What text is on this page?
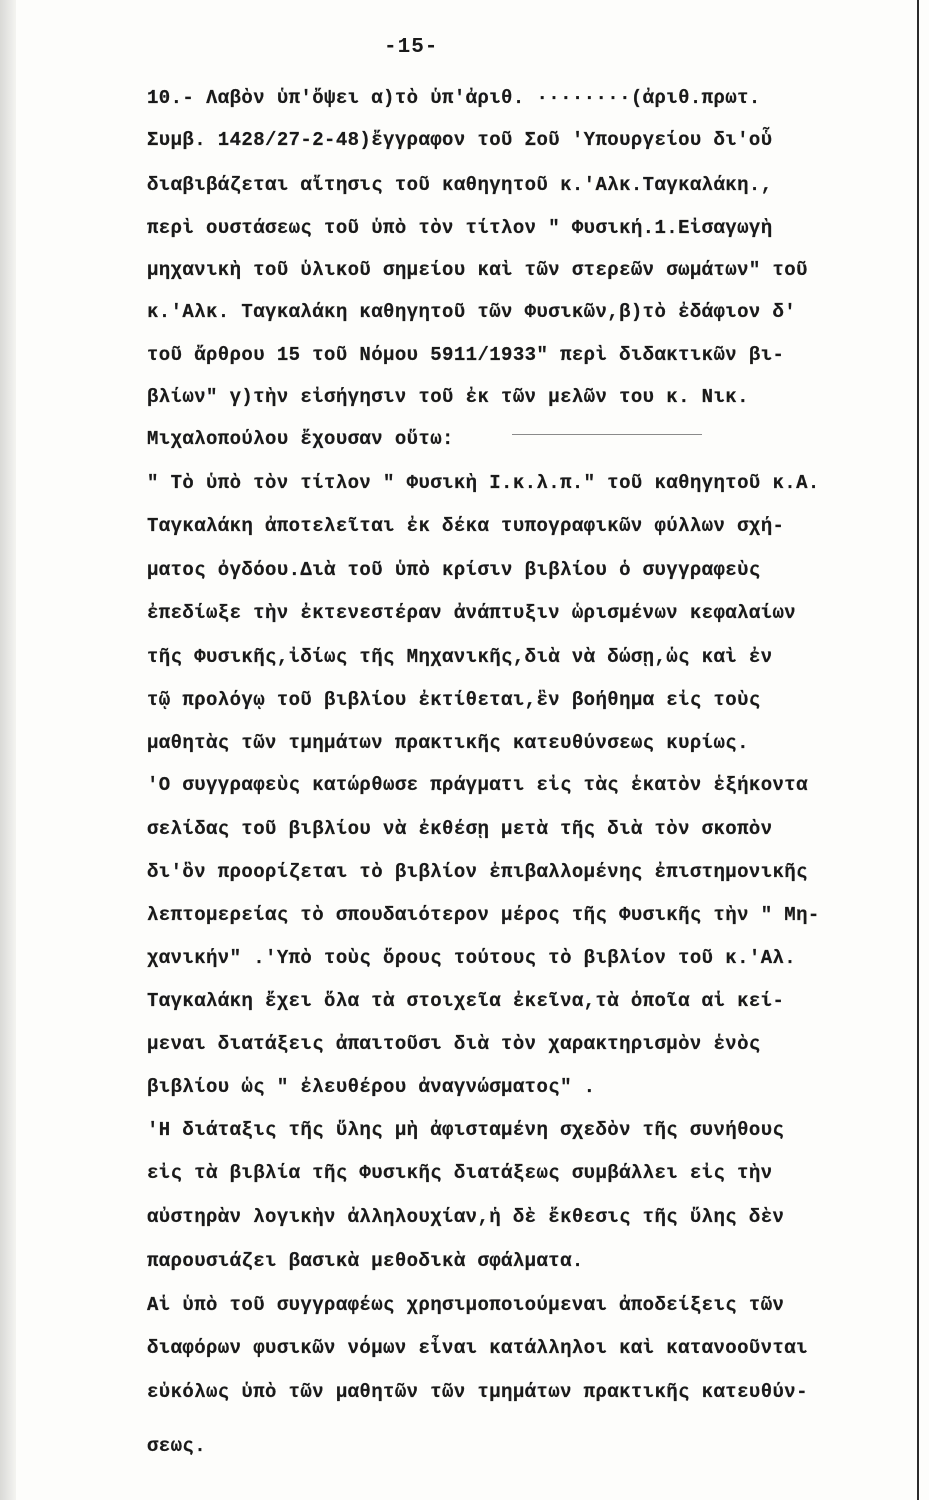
-15-
10.- Λαβὸν ὑπ'ὄψει α)τὸ ὑπ'ἀριθ. ········(ἀριθ.πρωτ.
Συμβ. 1428/27-2-48)ἔγγραφον τοῦ Σοῦ 'Υπουργείου δι'οὗ
διαβιβάζεται αἴτησις τοῦ καθηγητοῦ κ.'Αλκ.Ταγκαλάκη.,
περὶ ουστάσεως τοῦ ὑπὸ τὸν τίτλον " Φυσική.1.Εἰσαγωγὴ
μηχανικὴ τοῦ ὑλικοῦ σημείου καὶ τῶν στερεῶν σωμάτων" τοῦ
κ.'Αλκ. Ταγκαλάκη καθηγητοῦ τῶν Φυσικῶν,β)τὸ ἐδάφιον δ'
τοῦ ἄρθρου 15 τοῦ Νόμου 5911/1933" περὶ διδακτικῶν βι-
βλίων" γ)τὴν εἰσήγησιν τοῦ ἐκ τῶν μελῶν του κ. Νικ.
Μιχαλοπούλου ἔχουσαν οὕτω:
" Τὸ ὑπὸ τὸν τίτλον " Φυσικὴ Ι.κ.λ.π." τοῦ καθηγητοῦ κ.Α.
Ταγκαλάκη ἀποτελεῖται ἐκ δέκα τυπογραφικῶν φύλλων σχή-
ματος ὀγδόου.Διὰ τοῦ ὑπὸ κρίσιν βιβλίου ὁ συγγραφεὺς
ἐπεδίωξε τὴν ἐκτενεστέραν ἀνάπτυξιν ὡρισμένων κεφαλαίων
τῆς Φυσικῆς,ἰδίως τῆς Μηχανικῆς,διὰ νὰ δώσῃ,ὡς καὶ ἐν
τῷ προλόγῳ τοῦ βιβλίου ἐκτίθεται,ἓν βοήθημα εἰς τοὺς
μαθητὰς τῶν τμημάτων πρακτικῆς κατευθύνσεως κυρίως.
'Ο συγγραφεὺς κατώρθωσε πράγματι εἰς τὰς ἑκατὸν ἑξήκοντα
σελίδας τοῦ βιβλίου νὰ ἐκθέσῃ μετὰ τῆς διὰ τὸν σκοπὸν
δι'ὃν προορίζεται τὸ βιβλίον ἐπιβαλλομένης ἐπιστημονικῆς
λεπτομερείας τὸ σπουδαιότερον μέρος τῆς Φυσικῆς τὴν " Μη-
χανικήν" .'Υπὸ τοὺς ὅρους τούτους τὸ βιβλίον τοῦ κ.'Αλ.
Ταγκαλάκη ἔχει ὅλα τὰ στοιχεῖα ἐκεῖνα,τὰ ὁποῖα αἱ κεί-
μεναι διατάξεις ἀπαιτοῦσι διὰ τὸν χαρακτηρισμὸν ἑνὸς
βιβλίου ὡς " ἐλευθέρου ἀναγνώσματος" .
'Η διάταξις τῆς ὕλης μὴ ἀφισταμένη σχεδὸν τῆς συνήθους
εἰς τὰ βιβλία τῆς Φυσικῆς διατάξεως συμβάλλει εἰς τὴν
αὐστηρὰν λογικὴν ἀλληλουχίαν,ἡ δὲ ἔκθεσις τῆς ὕλης δὲν
παρουσιάζει βασικὰ μεθοδικὰ σφάλματα.
Αἱ ὑπὸ τοῦ συγγραφέως χρησιμοποιούμεναι ἀποδείξεις τῶν
διαφόρων φυσικῶν νόμων εἶναι κατάλληλοι καὶ κατανοοῦνται
εὐκόλως ὑπὸ τῶν μαθητῶν τῶν τμημάτων πρακτικῆς κατευθύν-
σεως.
